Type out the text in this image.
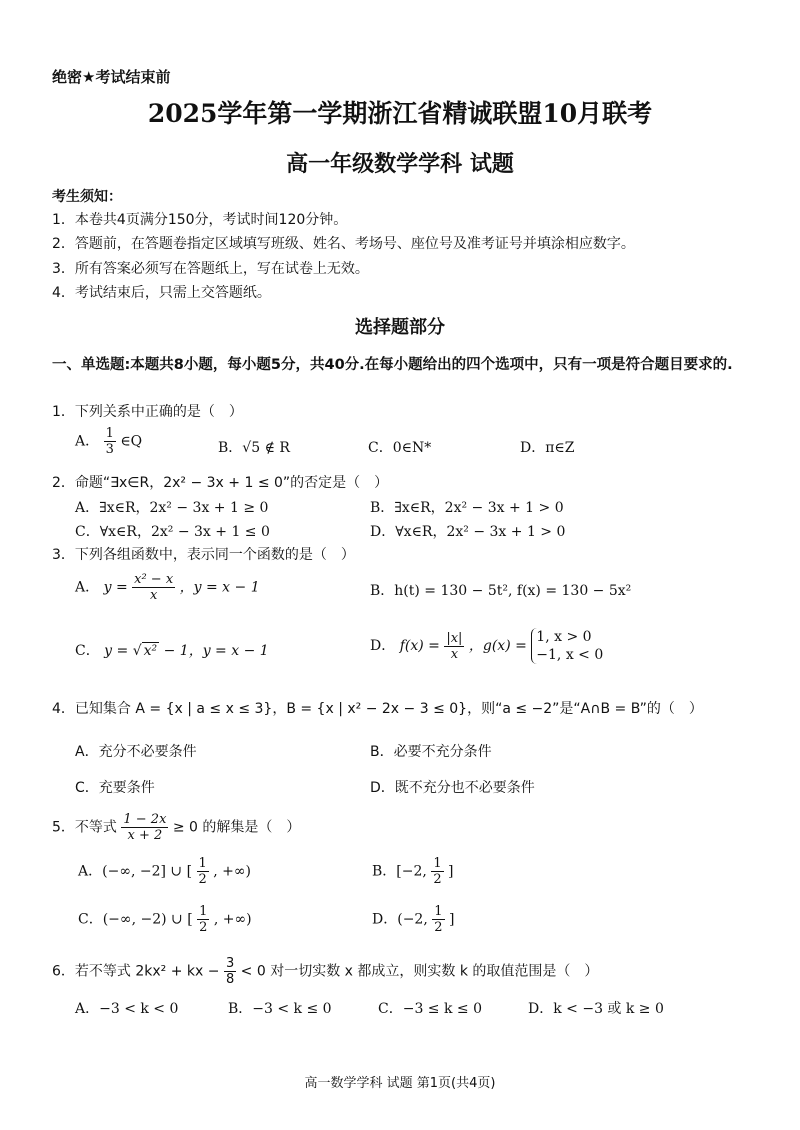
绝密★考试结束前
2025学年第一学期浙江省精诚联盟10月联考
高一年级数学学科 试题
考生须知：
1．本卷共4页满分150分，考试时间120分钟。
2．答题前，在答题卷指定区域填写班级、姓名、考场号、座位号及准考证号并填涂相应数字。
3．所有答案必须写在答题纸上，写在试卷上无效。
4．考试结束后，只需上交答题纸。
选择题部分
一、单选题:本题共8小题，每小题5分，共40分.在每小题给出的四个选项中，只有一项是符合题目要求的.
1．下列关系中正确的是（　）
A． $\frac{1}{3}$ ∈Q	B．√5 ∉ R	C．0∈N*	D．π∈Z
2．命题“∃x∈R，2x² − 3x + 1 ≤ 0”的否定是（　）
A．∃x∈R，2x² − 3x + 1 ≥ 0	B．∃x∈R，2x² − 3x + 1 > 0
C．∀x∈R，2x² − 3x + 1 ≤ 0	D．∀x∈R，2x² − 3x + 1 > 0
3．下列各组函数中，表示同一个函数的是（　）
A． $y = \frac{\text{x² − x}}{x}$ ，y = x − 1	B．h(t) = 130 − 5t², f(x) = 130 − 5x²
C． y = √ x² − 1，y = x − 1	D． $f(x) = \frac{|x|}{x}$ ，g(x) =
1, x > 0
−1, x < 0
4．已知集合 A = {x | a ≤ x ≤ 3}，B = {x | x² − 2x − 3 ≤ 0}，则“a ≤ −2”是“A∩B = B”的（　）
A．充分不必要条件	B．必要不充分条件
C．充要条件	D．既不充分也不必要条件
5．不等式 $\frac{1 - 2x}{x + 2} \ge 0$ 的解集是（　）
A．(−∞, −2] ∪ [ $\frac{1}{2}$ , +∞)	B．[−2, $\frac{1}{2}$ ]
C．(−∞, −2) ∪ [ $\frac{1}{2}$ , +∞)	D．(−2, $\frac{1}{2}$ ]
6．若不等式 2kx² + kx − $\frac{3}{8} < 0$ 对一切实数 x 都成立，则实数 k 的取值范围是（　）
A．−3 < k < 0	B．−3 < k ≤ 0	C．−3 ≤ k ≤ 0	D．k < −3 或 k ≥ 0
高一数学学科 试题 第1页(共4页)
